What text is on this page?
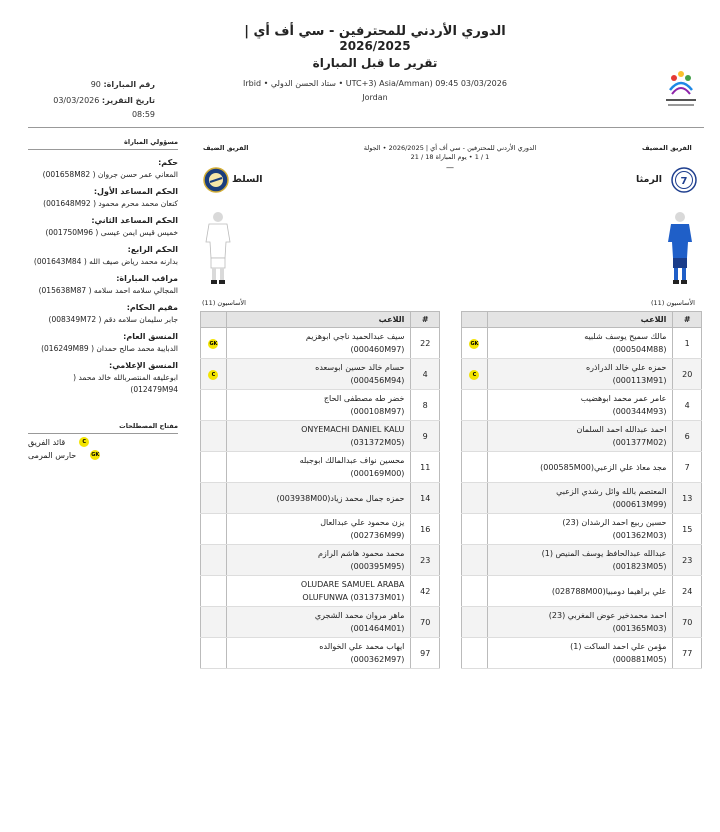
الدوري الأردني للمحترفين - سي أف أي |
2026/2025
تقرير ما قبل المباراة
Irbid • ستاد الحسن الدولي • UTC+3) Asia/Amman) 09:45 03/03/2026
Jordan
رقم المباراة: 90
تاريخ التقرير: 03/03/2026
08:59
مسؤولي المباراة
حكم:
المعاني عمر حسن جروان ( 001658M82)
الحكم المساعد الأول:
كنعان محمد محرم محمود ( 001648M92)
الحكم المساعد الثاني:
خميس قيس ايمن عيسى ( 001750M96)
الحكم الرابع:
بدارنه محمد رياض صيف الله ( 001643M84)
مراقب المباراة:
المجالي سلامه احمد سلامه ( 015638M87)
مقيم الحكام:
جابر سليمان سلامه دقم ( 008349M72)
المنسق العام:
الدبايبة محمد صالح حمدان ( 016249M89)
المنسق الإعلامي:
ابوعليقه المنتصربالله خالد محمد ( 012479M94)
مفتاح المصطلحات
C
قائد الفريق
GK
حارس المرمى
الفريق الضيف	الفريق المضيف
الدوري الأردني للمحترفين - سي أف أي | 2026/2025 • الجولة
1 / 1 • يوم المباراة 18 / 21
—
السلط	7
الرمثا
الأساسيون (11)	الأساسيون (11)
	اللاعب	#
GK	سيف عبدالحميد ناجي ابوهزيم
(000460M97)	22
C	حسام خالد حسين ابوسعده
(000456M94)	4

	خضر طه مصطفى الحاج
(000108M97)	8

	ONYEMACHI DANIEL KALU
(031372M05)	9

	محسين نواف عبدالمالك ابوجبله
(000169M00)	11

	حمزه جمال محمد زياد(003938M00)	14

	يزن محمود علي عبدالعال
(002736M99)	16

	محمد محمود هاشم الرازم
(000395M95)	23

	OLUDARE SAMUEL ARABA
OLUFUNWA (031373M01)	42

	ماهر مروان محمد الشجري
(001464M01)	70

	ايهاب محمد علي الخوالده
(000362M97)	97
	اللاعب	#
GK	مالك سميح يوسف شلبيه
(000504M88)	1
C	حمزه علي خالد الدراذره
(000113M91)	20

	عامر عمر محمد ابوهضيب
(000344M93)	4

	احمد عبدالله احمد السلمان
(001377M02)	6

	مجد معاذ علي الزعبي(000585M00)	7

	المعتصم بالله وائل رشدي الزعبي
(000613M99)	13

	حسين ربيع احمد الرشدان (23)
(001362M03)	15

	عبدالله عبدالحافظ يوسف المنيص (1)
(001823M05)	23

	علي براهيما دومبيا(028788M00)	24

	احمد محمدخير عوض المغربي (23)
(001365M03)	70

	مؤمن علي احمد الساكت (1)
(000881M05)	77
